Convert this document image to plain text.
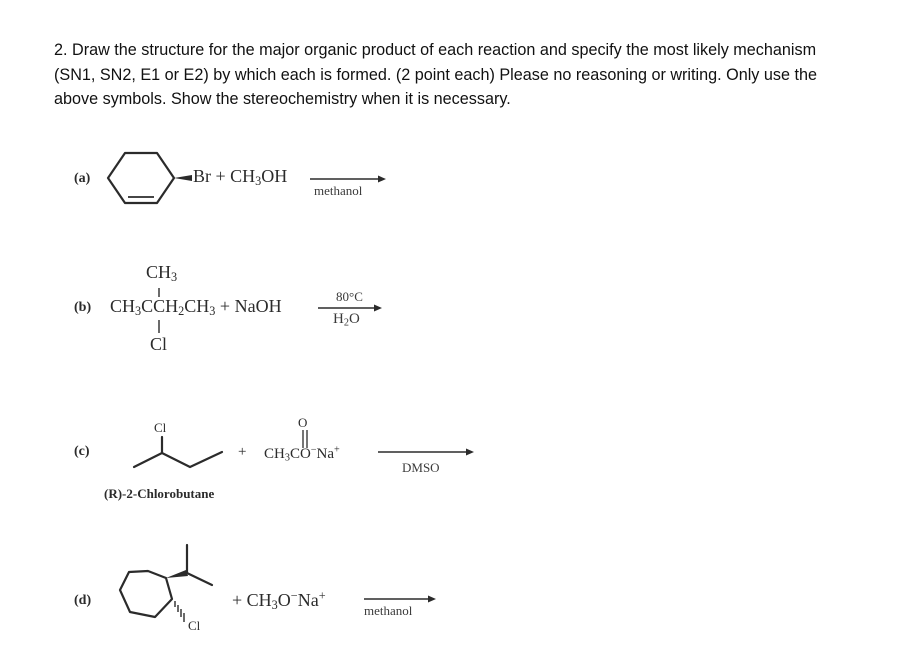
2. Draw the structure for the major organic product of each reaction and specify the most likely mechanism (SN1, SN2, E1 or E2) by which each is formed. (2 point each) Please no reasoning or writing. Only use the above symbols. Show the stereochemistry when it is necessary.
(a)	$Br + CH_3OH$
methanol
$CH_3$
(b) $CH_3CCH_2CH_3$ + NaOH
Cl
80°C
$H_2O$
(c)
Cl
+
O
$CH_3CO^-Na^+$
DMSO
(R)-2-Chlorobutane
(d)
Cl
+ $CH_3O^-Na^+$
methanol
